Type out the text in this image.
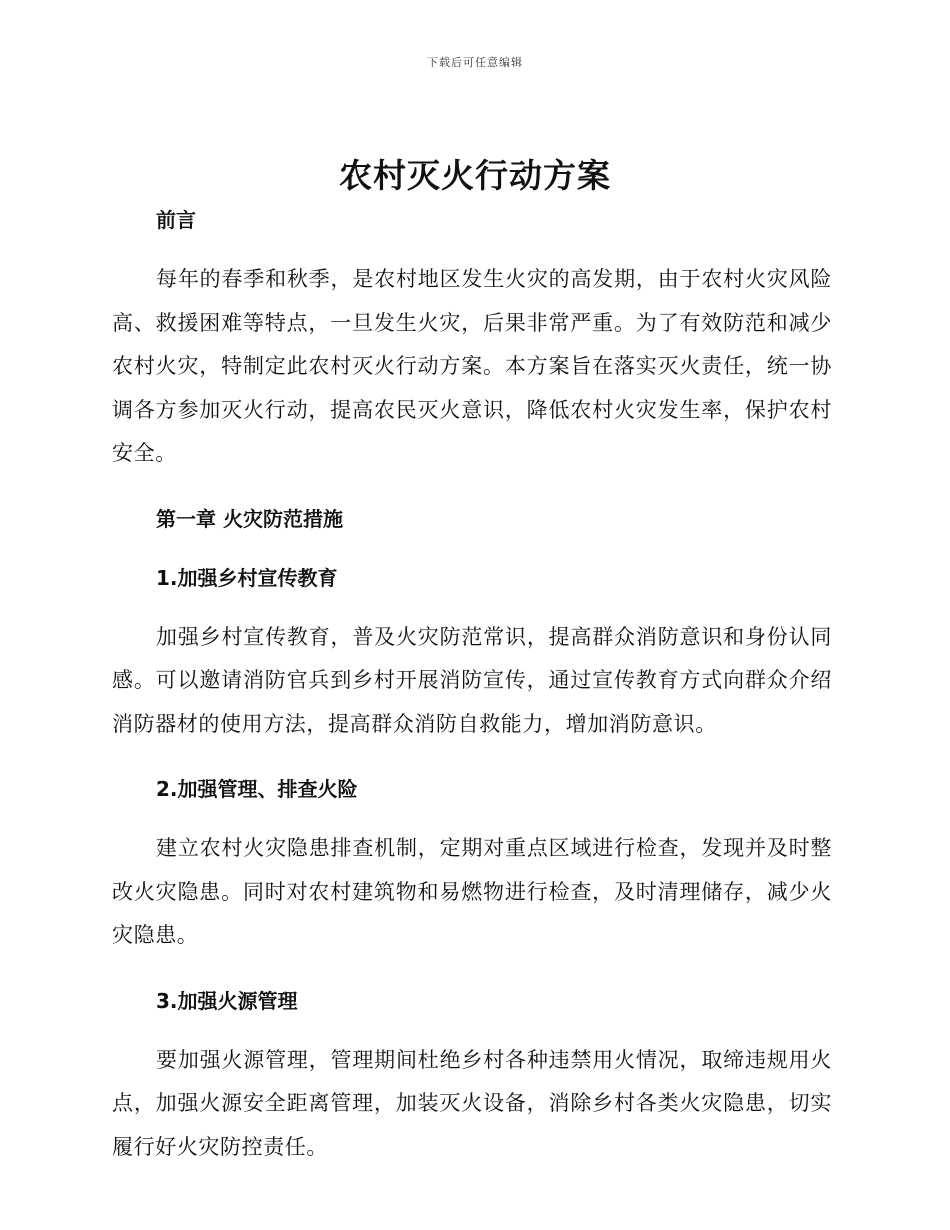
下载后可任意编辑
农村灭火行动方案

前言

每年的春季和秋季，是农村地区发生火灾的高发期，由于农村火灾风险高、救援困难等特点，一旦发生火灾，后果非常严重。为了有效防范和减少农村火灾，特制定此农村灭火行动方案。本方案旨在落实灭火责任，统一协调各方参加灭火行动，提高农民灭火意识，降低农村火灾发生率，保护农村安全。

第一章 火灾防范措施

1.加强乡村宣传教育

加强乡村宣传教育，普及火灾防范常识，提高群众消防意识和身份认同感。可以邀请消防官兵到乡村开展消防宣传，通过宣传教育方式向群众介绍消防器材的使用方法，提高群众消防自救能力，增加消防意识。

2.加强管理、排查火险

建立农村火灾隐患排查机制，定期对重点区域进行检查，发现并及时整改火灾隐患。同时对农村建筑物和易燃物进行检查，及时清理储存，减少火灾隐患。

3.加强火源管理

要加强火源管理，管理期间杜绝乡村各种违禁用火情况，取缔违规用火点，加强火源安全距离管理，加装灭火设备，消除乡村各类火灾隐患，切实履行好火灾防控责任。
